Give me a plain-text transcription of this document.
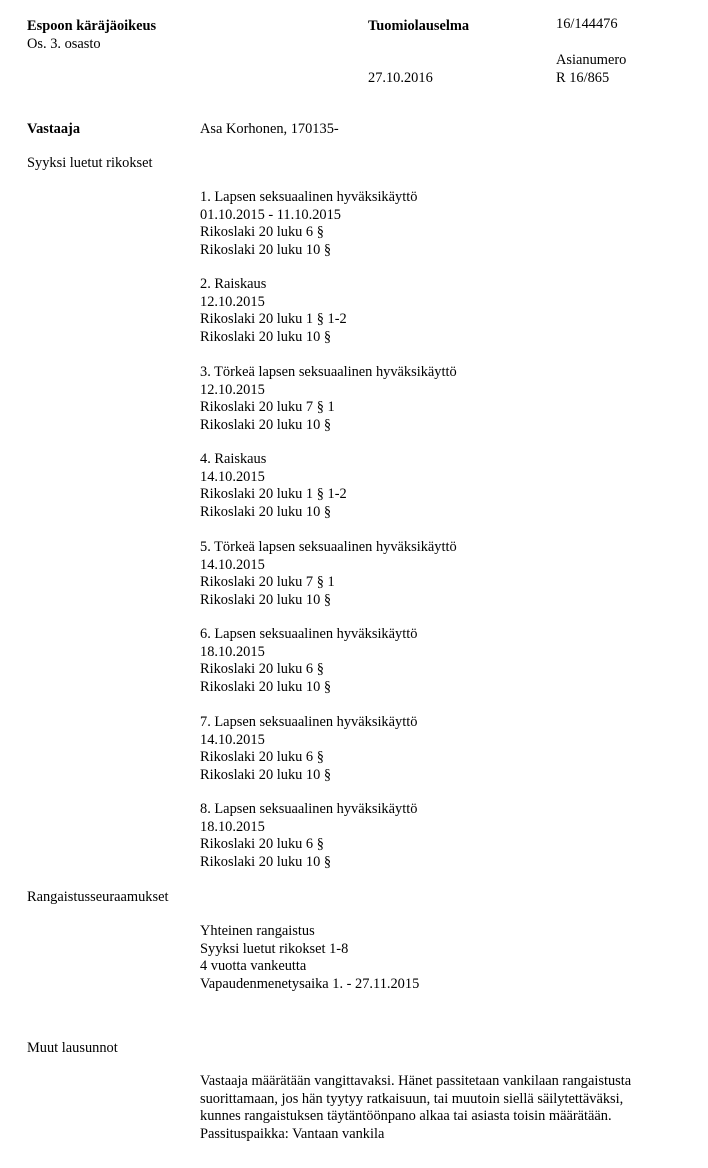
Espoon käräjäoikeus
Os. 3. osasto
Tuomiolauselma	16/144476
Asianumero
27.10.2016	R 16/865
Vastaaja	Asa Korhonen, 170135-
Syyksi luetut rikokset
1. Lapsen seksuaalinen hyväksikäyttö
01.10.2015 - 11.10.2015
Rikoslaki 20 luku 6 §
Rikoslaki 20 luku 10 §
2. Raiskaus
12.10.2015
Rikoslaki 20 luku 1 § 1-2
Rikoslaki 20 luku 10 §
3. Törkeä lapsen seksuaalinen hyväksikäyttö
12.10.2015
Rikoslaki 20 luku 7 § 1
Rikoslaki 20 luku 10 §
4. Raiskaus
14.10.2015
Rikoslaki 20 luku 1 § 1-2
Rikoslaki 20 luku 10 §
5. Törkeä lapsen seksuaalinen hyväksikäyttö
14.10.2015
Rikoslaki 20 luku 7 § 1
Rikoslaki 20 luku 10 §
6. Lapsen seksuaalinen hyväksikäyttö
18.10.2015
Rikoslaki 20 luku 6 §
Rikoslaki 20 luku 10 §
7. Lapsen seksuaalinen hyväksikäyttö
14.10.2015
Rikoslaki 20 luku 6 §
Rikoslaki 20 luku 10 §
8. Lapsen seksuaalinen hyväksikäyttö
18.10.2015
Rikoslaki 20 luku 6 §
Rikoslaki 20 luku 10 §
Rangaistusseuraamukset
Yhteinen rangaistus
Syyksi luetut rikokset 1-8
4 vuotta vankeutta
Vapaudenmenetysaika 1. - 27.11.2015
Muut lausunnot
Vastaaja määrätään vangittavaksi. Hänet passitetaan vankilaan rangaistusta
suorittamaan, jos hän tyytyy ratkaisuun, tai muutoin siellä säilytettäväksi,
kunnes rangaistuksen täytäntöönpano alkaa tai asiasta toisin määrätään.
Passituspaikka: Vantaan vankila
